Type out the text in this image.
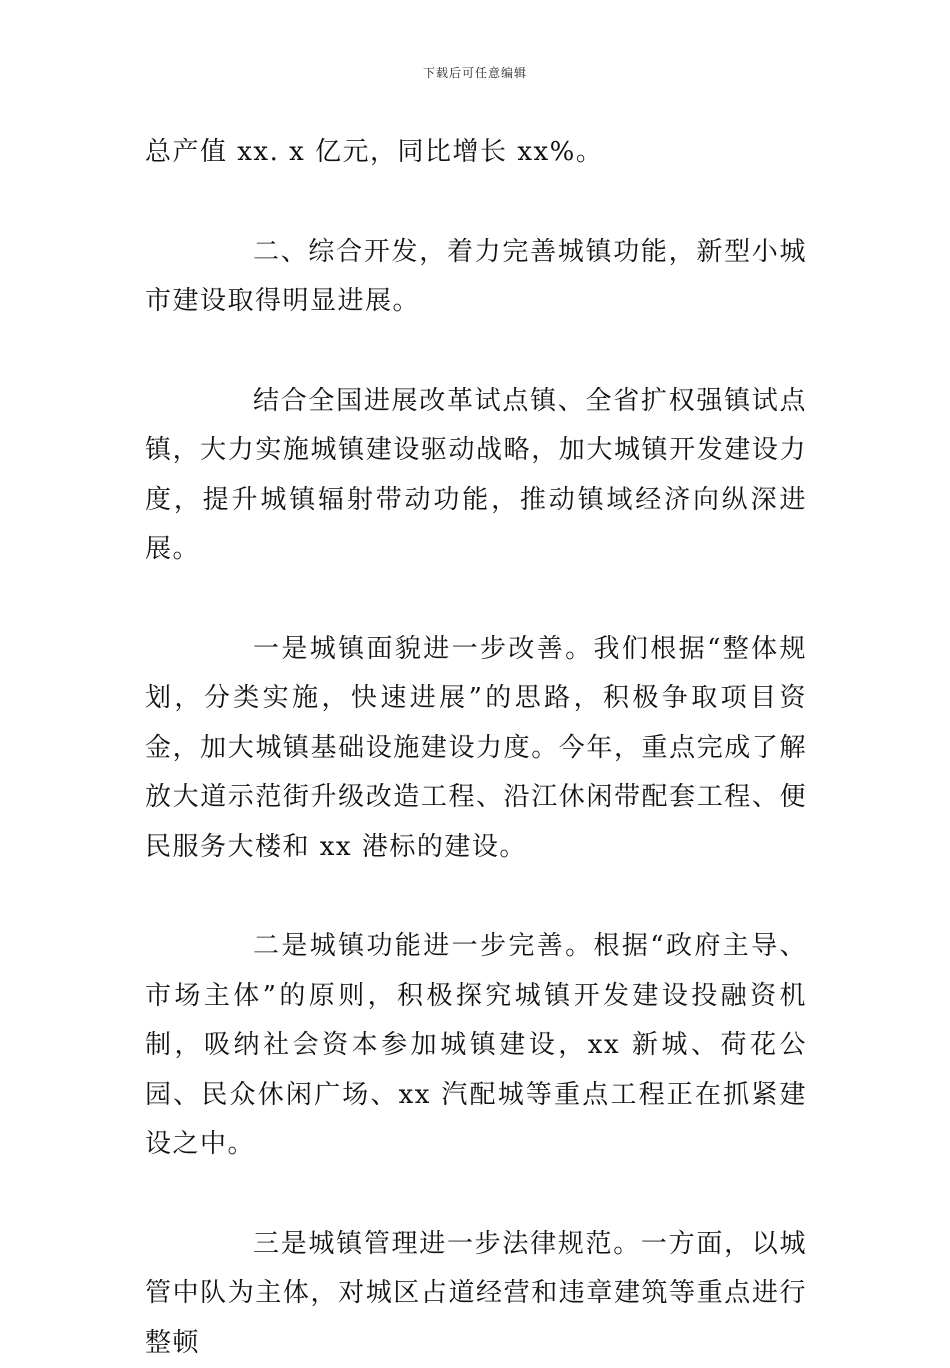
下载后可任意编辑

总产值 xx. x 亿元，同比增长 xx%。

二、综合开发，着力完善城镇功能，新型小城市建设取得明显进展。

结合全国进展改革试点镇、全省扩权强镇试点镇，大力实施城镇建设驱动战略，加大城镇开发建设力度，提升城镇辐射带动功能，推动镇域经济向纵深进展。

一是城镇面貌进一步改善。我们根据“整体规划，分类实施，快速进展”的思路，积极争取项目资金，加大城镇基础设施建设力度。今年，重点完成了解放大道示范街升级改造工程、沿江休闲带配套工程、便民服务大楼和 xx 港标的建设。

二是城镇功能进一步完善。根据“政府主导、市场主体”的原则，积极探究城镇开发建设投融资机制，吸纳社会资本参加城镇建设，xx 新城、荷花公园、民众休闲广场、xx 汽配城等重点工程正在抓紧建设之中。

三是城镇管理进一步法律规范。一方面，以城管中队为主体，对城区占道经营和违章建筑等重点进行整顿
